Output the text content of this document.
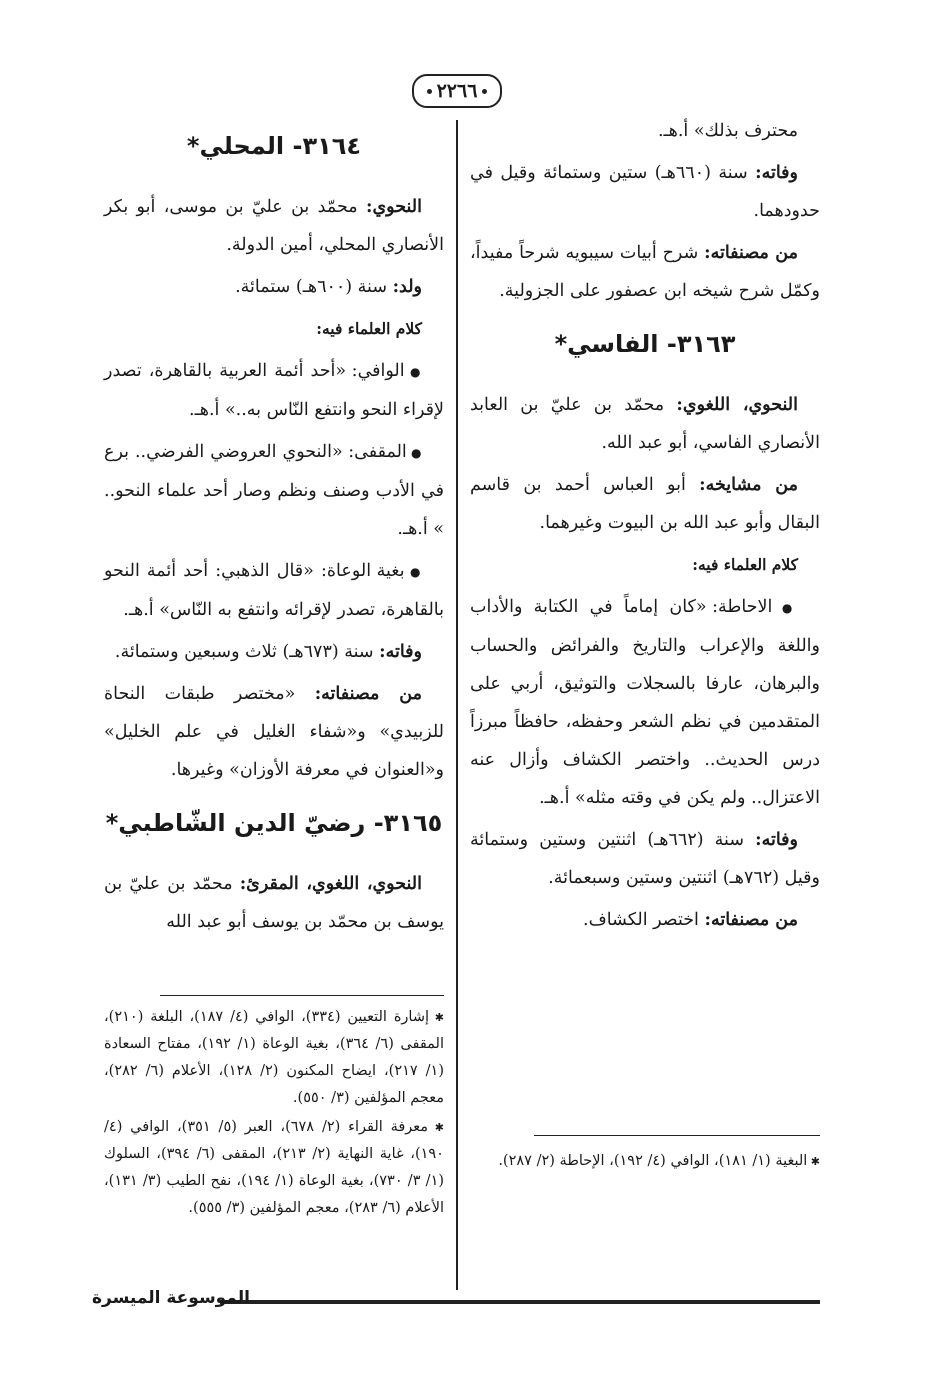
٢٢٦٦

محترف بذلك» أ.هـ.

وفاته: سنة (٦٦٠هـ) ستين وستمائة وقيل في حدودهما.

من مصنفاته: شرح أبيات سيبويه شرحاً مفيداً، وكمّل شرح شيخه ابن عصفور على الجزولية.

٣١٦٣- الفاسي*

النحوي، اللغوي: محمّد بن عليّ بن العابد الأنصاري الفاسي، أبو عبد الله.

من مشايخه: أبو العباس أحمد بن قاسم البقال وأبو عبد الله بن البيوت وغيرهما.

كلام العلماء فيه:

● الاحاطة: «كان إماماً في الكتابة والأداب واللغة والإعراب والتاريخ والفرائض والحساب والبرهان، عارفا بالسجلات والتوثيق، أربي على المتقدمين في نظم الشعر وحفظه، حافظاً مبرزاً درس الحديث.. واختصر الكشاف وأزال عنه الاعتزال.. ولم يكن في وقته مثله» أ.هـ.

وفاته: سنة (٦٦٢هـ) اثنتين وستين وستمائة وقيل (٧٦٢هـ) اثنتين وستين وسبعمائة.

من مصنفاته: اختصر الكشاف.

٣١٦٤- المحلي*

النحوي: محمّد بن عليّ بن موسى، أبو بكر الأنصاري المحلي، أمين الدولة.

ولد: سنة (٦٠٠هـ) ستمائة.

كلام العلماء فيه:

● الوافي: «أحد أئمة العربية بالقاهرة، تصدر لإقراء النحو وانتفع النّاس به..» أ.هـ.

● المقفى: «النحوي العروضي الفرضي.. برع في الأدب وصنف ونظم وصار أحد علماء النحو.. » أ.هـ.

● بغية الوعاة: «قال الذهبي: أحد أئمة النحو بالقاهرة، تصدر لإقرائه وانتفع به النّاس» أ.هـ.

وفاته: سنة (٦٧٣هـ) ثلاث وسبعين وستمائة.

من مصنفاته: «مختصر طبقات النحاة للزبيدي» و«شفاء الغليل في علم الخليل» و«العنوان في معرفة الأوزان» وغيرها.

٣١٦٥- رضيّ الدين الشّاطبي*

النحوي، اللغوي، المقرئ: محمّد بن عليّ بن يوسف بن محمّد بن يوسف أبو عبد الله

✱ البغية (١/ ١٨١)، الوافي (٤/ ١٩٢)، الإحاطة (٢/ ٢٨٧).

✱ إشارة التعيين (٣٣٤)، الوافي (٤/ ١٨٧)، البلغة (٢١٠)، المقفى (٦/ ٣٦٤)، بغية الوعاة (١/ ١٩٢)، مفتاح السعادة (١/ ٢١٧)، ايضاح المكنون (٢/ ١٢٨)، الأعلام (٦/ ٢٨٢)، معجم المؤلفين (٣/ ٥٥٠).

✱ معرفة القراء (٢/ ٦٧٨)، العبر (٥/ ٣٥١)، الوافي (٤/ ١٩٠)، غاية النهاية (٢/ ٢١٣)، المقفى (٦/ ٣٩٤)، السلوك (١/ ٣/ ٧٣٠)، بغية الوعاة (١/ ١٩٤)، نفح الطيب (٣/ ١٣١)، الأعلام (٦/ ٢٨٣)، معجم المؤلفين (٣/ ٥٥٥).

الموسوعة الميسرة
